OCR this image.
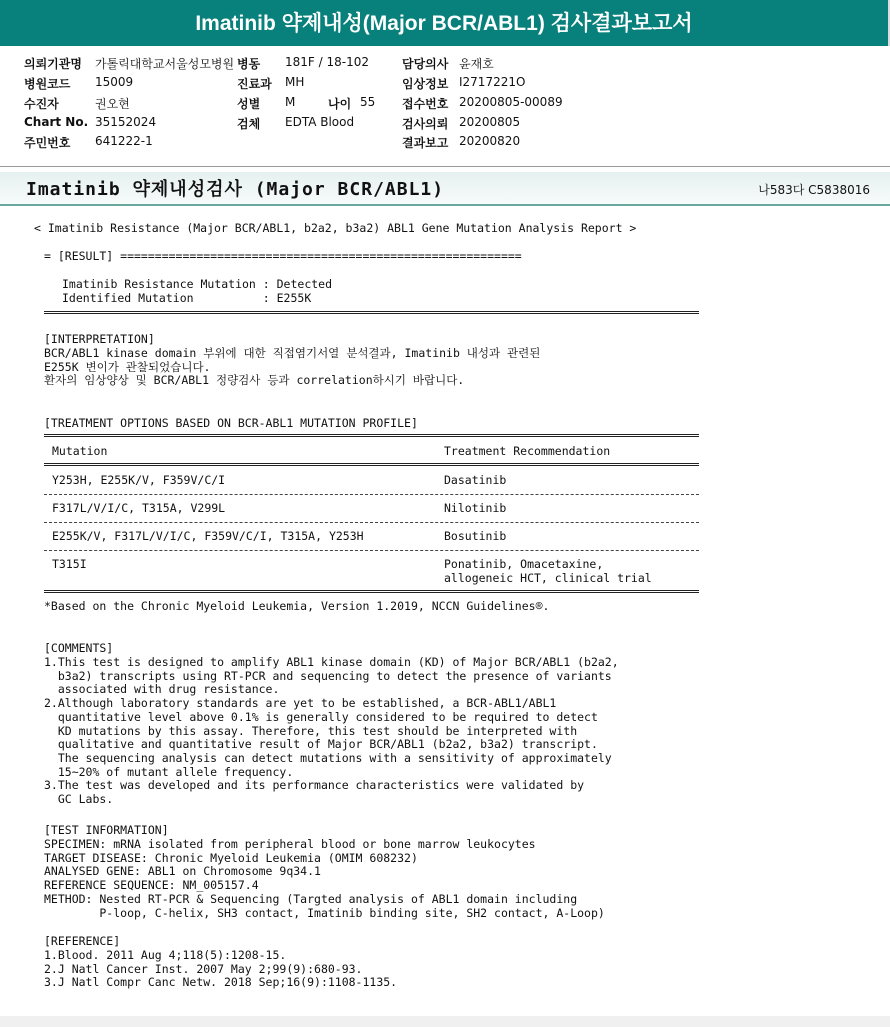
Imatinib 약제내성(Major BCR/ABL1) 검사결과보고서
의뢰기관명 가톨릭대학교서울성모병원 병동 181F / 18-102	담당의사 윤재호
병원코드 15009	진료과 MH	임상정보 I2717221O
수진자	권오현	성별 M	나이 55 접수번호 20200805-00089
Chart No. 35152024	검체 EDTA Blood	검사의뢰 20200805
주민번호 641222-1	결과보고 20200820
Imatinib 약제내성검사 (Major BCR/ABL1)	나583다 C5838016
< Imatinib Resistance (Major BCR/ABL1, b2a2, b3a2) ABL1 Gene Mutation Analysis Report >
= [RESULT] ==========================================================
Imatinib Resistance Mutation : Detected
Identified Mutation          : E255K
[INTERPRETATION]
BCR/ABL1 kinase domain 부위에 대한 직접염기서열 분석결과, Imatinib 내성과 관련된
E255K 변이가 관찰되었습니다.
환자의 임상양상 및 BCR/ABL1 정량검사 등과 correlation하시기 바랍니다.
[TREATMENT OPTIONS BASED ON BCR-ABL1 MUTATION PROFILE]
Mutation	Treatment Recommendation
Y253H, E255K/V, F359V/C/I	Dasatinib
F317L/V/I/C, T315A, V299L	Nilotinib
E255K/V, F317L/V/I/C, F359V/C/I, T315A, Y253H	Bosutinib
T315I	Ponatinib, Omacetaxine,
allogeneic HCT, clinical trial
*Based on the Chronic Myeloid Leukemia, Version 1.2019, NCCN Guidelines®.
[COMMENTS]
1.This test is designed to amplify ABL1 kinase domain (KD) of Major BCR/ABL1 (b2a2,
b3a2) transcripts using RT-PCR and sequencing to detect the presence of variants
associated with drug resistance.
2.Although laboratory standards are yet to be established, a BCR-ABL1/ABL1
quantitative level above 0.1% is generally considered to be required to detect
KD mutations by this assay. Therefore, this test should be interpreted with
qualitative and quantitative result of Major BCR/ABL1 (b2a2, b3a2) transcript.
The sequencing analysis can detect mutations with a sensitivity of approximately
15~20% of mutant allele frequency.
3.The test was developed and its performance characteristics were validated by
GC Labs.
[TEST INFORMATION]
SPECIMEN: mRNA isolated from peripheral blood or bone marrow leukocytes
TARGET DISEASE: Chronic Myeloid Leukemia (OMIM 608232)
ANALYSED GENE: ABL1 on Chromosome 9q34.1
REFERENCE SEQUENCE: NM_005157.4
METHOD: Nested RT-PCR & Sequencing (Targted analysis of ABL1 domain including
P-loop, C-helix, SH3 contact, Imatinib binding site, SH2 contact, A-Loop)
[REFERENCE]
1.Blood. 2011 Aug 4;118(5):1208-15.
2.J Natl Cancer Inst. 2007 May 2;99(9):680-93.
3.J Natl Compr Canc Netw. 2018 Sep;16(9):1108-1135.
